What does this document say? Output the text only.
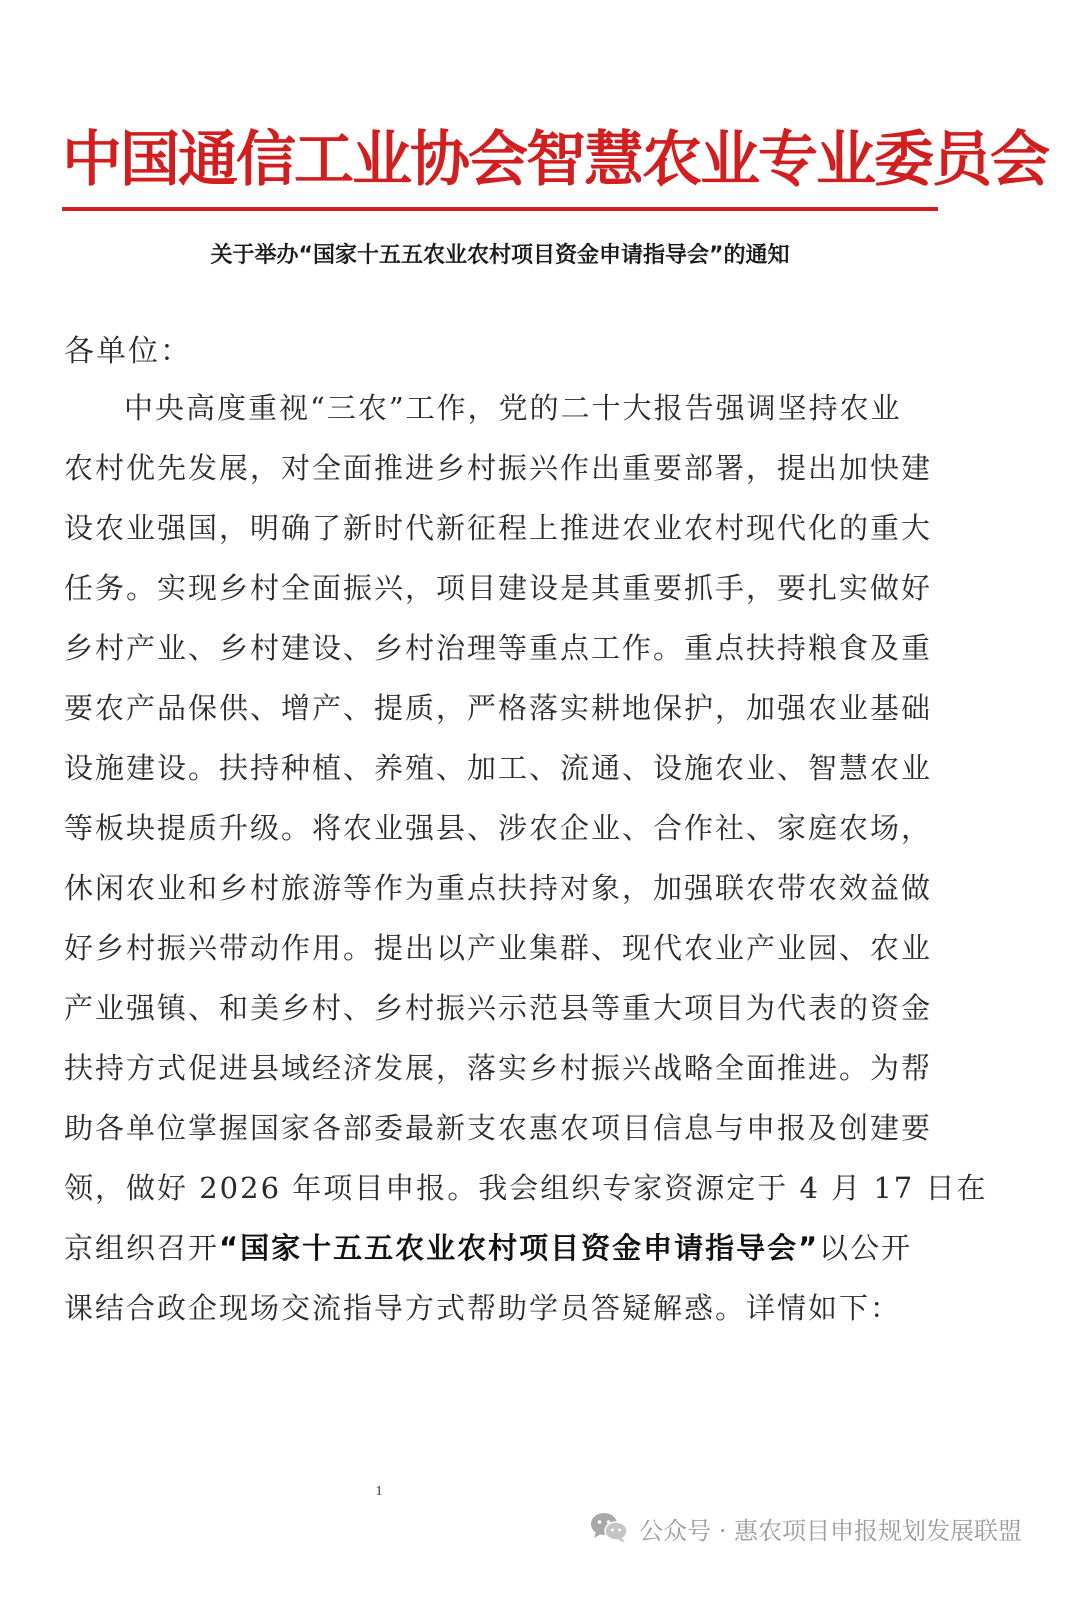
中国通信工业协会智慧农业专业委员会
关于举办“国家十五五农业农村项目资金申请指导会”的通知
各单位：
中央高度重视“三农”工作，党的二十大报告强调坚持农业
农村优先发展，对全面推进乡村振兴作出重要部署，提出加快建
设农业强国，明确了新时代新征程上推进农业农村现代化的重大
任务。实现乡村全面振兴，项目建设是其重要抓手，要扎实做好
乡村产业、乡村建设、乡村治理等重点工作。重点扶持粮食及重
要农产品保供、增产、提质，严格落实耕地保护，加强农业基础
设施建设。扶持种植、养殖、加工、流通、设施农业、智慧农业
等板块提质升级。将农业强县、涉农企业、合作社、家庭农场，
休闲农业和乡村旅游等作为重点扶持对象，加强联农带农效益做
好乡村振兴带动作用。提出以产业集群、现代农业产业园、农业
产业强镇、和美乡村、乡村振兴示范县等重大项目为代表的资金
扶持方式促进县域经济发展，落实乡村振兴战略全面推进。为帮
助各单位掌握国家各部委最新支农惠农项目信息与申报及创建要
领，做好 2026 年项目申报。我会组织专家资源定于 4 月 17 日在
京组织召开“国家十五五农业农村项目资金申请指导会”以公开
课结合政企现场交流指导方式帮助学员答疑解惑。详情如下：
1
公众号 · 惠农项目申报规划发展联盟
